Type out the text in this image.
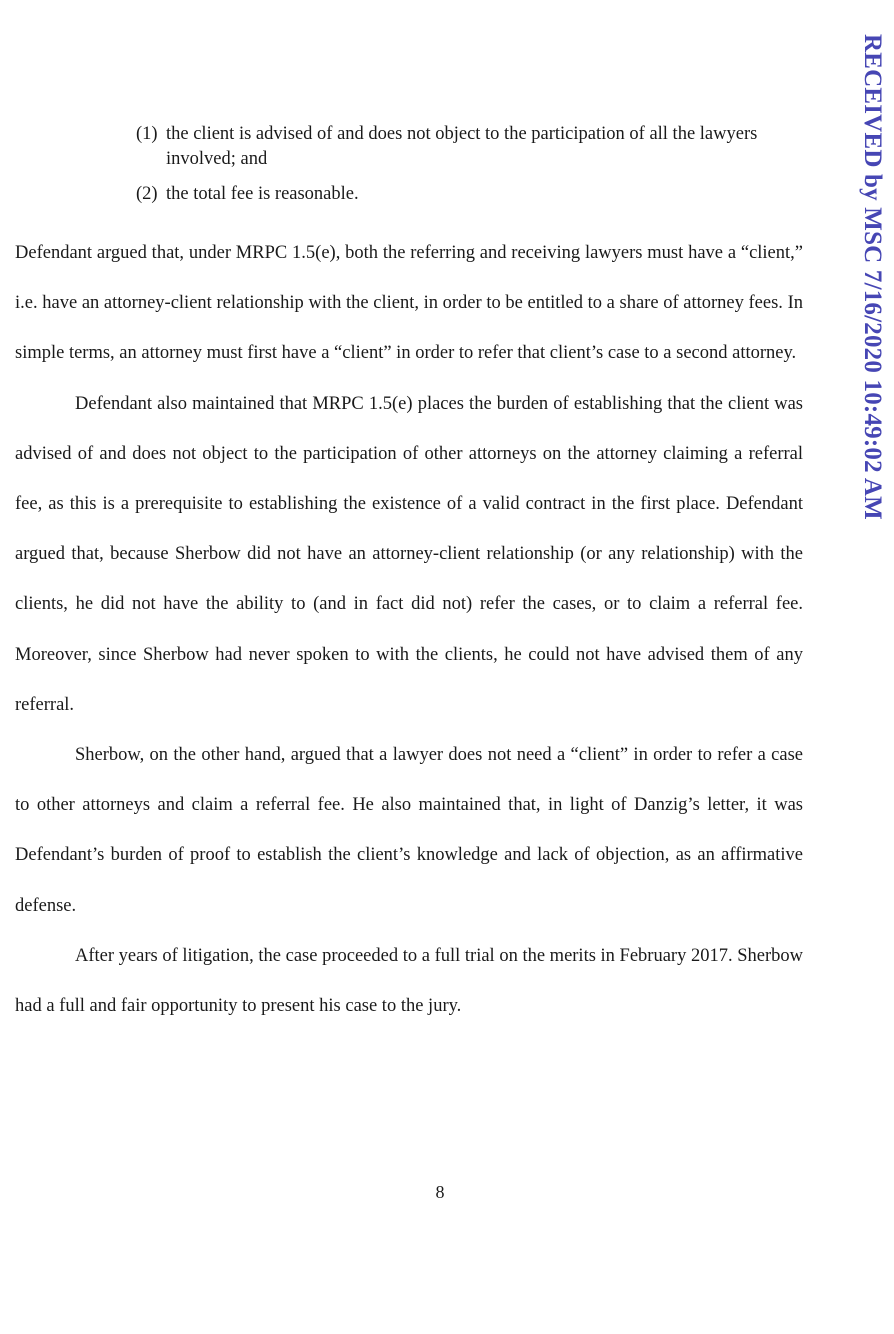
(1) the client is advised of and does not object to the participation of all the lawyers involved; and
(2) the total fee is reasonable.

Defendant argued that, under MRPC 1.5(e), both the referring and receiving lawyers must have a “client,” i.e. have an attorney-client relationship with the client, in order to be entitled to a share of attorney fees. In simple terms, an attorney must first have a “client” in order to refer that client’s case to a second attorney.

Defendant also maintained that MRPC 1.5(e) places the burden of establishing that the client was advised of and does not object to the participation of other attorneys on the attorney claiming a referral fee, as this is a prerequisite to establishing the existence of a valid contract in the first place. Defendant argued that, because Sherbow did not have an attorney-client relationship (or any relationship) with the clients, he did not have the ability to (and in fact did not) refer the cases, or to claim a referral fee. Moreover, since Sherbow had never spoken to with the clients, he could not have advised them of any referral.

Sherbow, on the other hand, argued that a lawyer does not need a “client” in order to refer a case to other attorneys and claim a referral fee. He also maintained that, in light of Danzig’s letter, it was Defendant’s burden of proof to establish the client’s knowledge and lack of objection, as an affirmative defense.

After years of litigation, the case proceeded to a full trial on the merits in February 2017. Sherbow had a full and fair opportunity to present his case to the jury.

8
RECEIVED by MSC 7/16/2020 10:49:02 AM
